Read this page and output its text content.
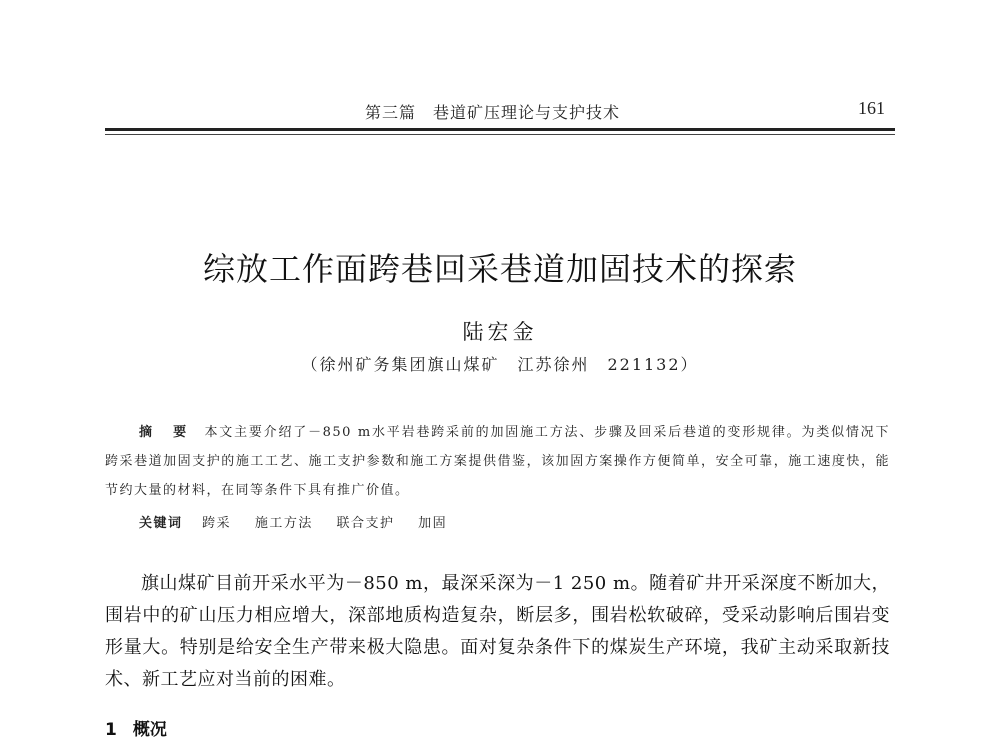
第三篇　巷道矿压理论与支护技术	161
综放工作面跨巷回采巷道加固技术的探索
陆宏金
（徐州矿务集团旗山煤矿　江苏徐州　221132）
摘 要 本文主要介绍了－850 m水平岩巷跨采前的加固施工方法、步骤及回采后巷道的变形规律。为类似情况下跨采巷道加固支护的施工工艺、施工支护参数和施工方案提供借鉴，该加固方案操作方便简单，安全可靠，施工速度快，能节约大量的材料，在同等条件下具有推广价值。
关键词 跨采 施工方法 联合支护 加固
旗山煤矿目前开采水平为－850 m，最深采深为－1 250 m。随着矿井开采深度不断加大，围岩中的矿山压力相应增大，深部地质构造复杂，断层多，围岩松软破碎，受采动影响后围岩变形量大。特别是给安全生产带来极大隐患。面对复杂条件下的煤炭生产环境，我矿主动采取新技术、新工艺应对当前的困难。
1 概况
